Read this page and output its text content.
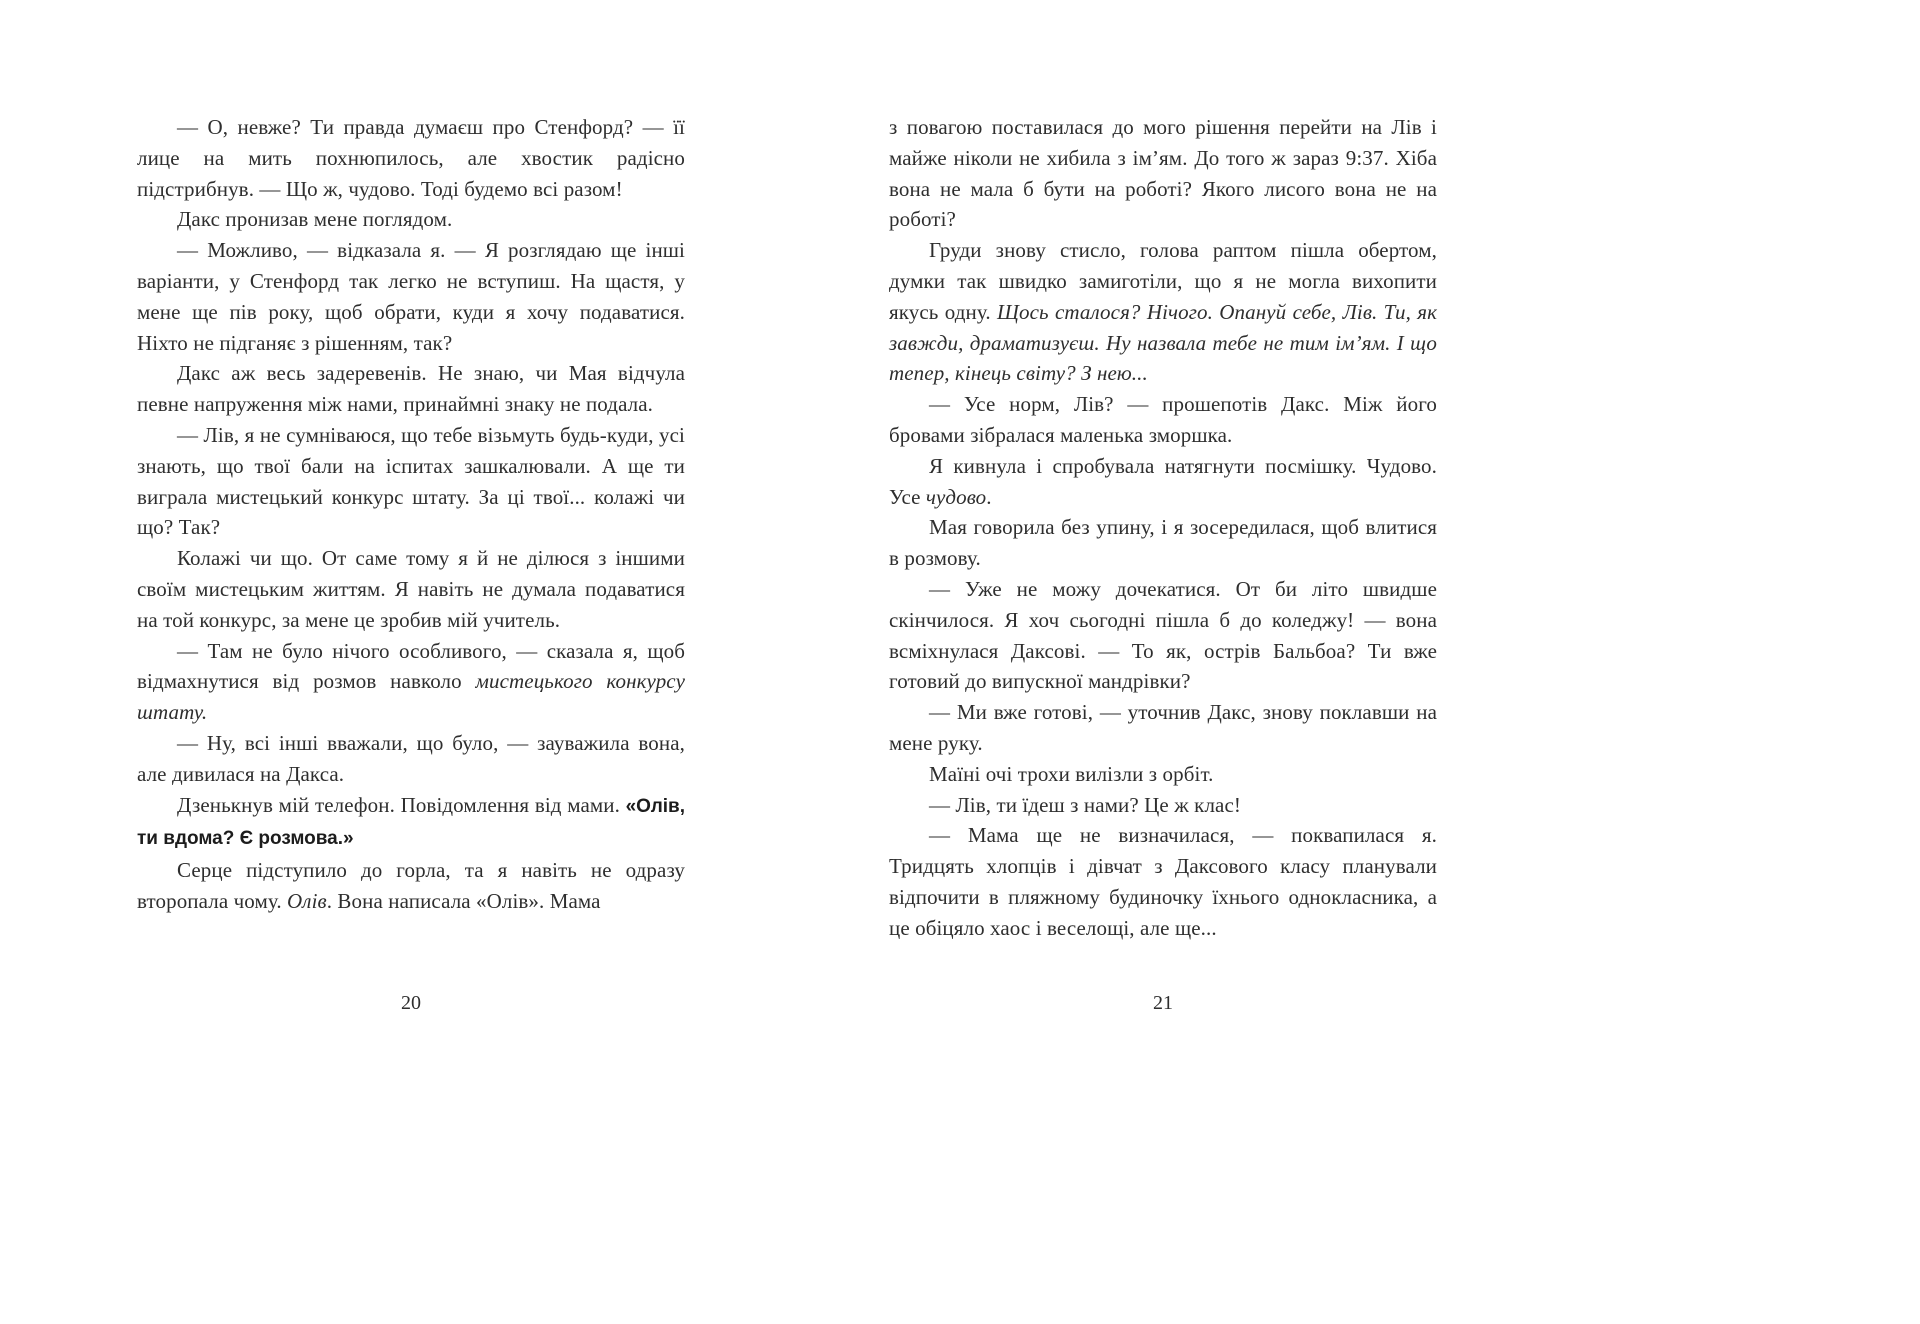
— О, невже? Ти правда думаєш про Стенфорд? — її лице на мить похнюпилось, але хвостик радісно підстрибнув. — Що ж, чудово. Тоді будемо всі разом!

Дакс пронизав мене поглядом.

— Можливо, — відказала я. — Я розглядаю ще інші варіанти, у Стенфорд так легко не вступиш. На щастя, у мене ще пів року, щоб обрати, куди я хочу подаватися. Ніхто не підганяє з рішенням, так?

Дакс аж весь задеревенів. Не знаю, чи Мая відчула певне напруження між нами, принаймні знаку не подала.

— Лів, я не сумніваюся, що тебе візьмуть будь-куди, усі знають, що твої бали на іспитах зашкалювали. А ще ти виграла мистецький конкурс штату. За ці твої... колажі чи що? Так?

Колажі чи що. От саме тому я й не ділюся з іншими своїм мистецьким життям. Я навіть не думала подаватися на той конкурс, за мене це зробив мій учитель.

— Там не було нічого особливого, — сказала я, щоб відмахнутися від розмов навколо мистецького конкурсу штату.

— Ну, всі інші вважали, що було, — зауважила вона, але дивилася на Дакса.

Дзенькнув мій телефон. Повідомлення від мами. «Олів, ти вдома? Є розмова.»

Серце підступило до горла, та я навіть не одразу второпала чому. Олів. Вона написала «Олів». Мама

20

з повагою поставилася до мого рішення перейти на Лів і майже ніколи не хибила з ім’ям. До того ж зараз 9:37. Хіба вона не мала б бути на роботі? Якого лисого вона не на роботі?

Груди знову стисло, голова раптом пішла обертом, думки так швидко замиготіли, що я не могла вихопити якусь одну. Щось сталося? Нічого. Опануй себе, Лів. Ти, як завжди, драматизуєш. Ну назвала тебе не тим ім’ям. І що тепер, кінець світу? З нею...

— Усе норм, Лів? — прошепотів Дакс. Між його бровами зібралася маленька зморшка.

Я кивнула і спробувала натягнути посмішку. Чудово. Усе чудово.

Мая говорила без упину, і я зосередилася, щоб влитися в розмову.

— Уже не можу дочекатися. От би літо швидше скінчилося. Я хоч сьогодні пішла б до коледжу! — вона всміхнулася Даксові. — То як, острів Бальбоа? Ти вже готовий до випускної мандрівки?

— Ми вже готові, — уточнив Дакс, знову поклавши на мене руку.

Маїні очі трохи вилізли з орбіт.

— Лів, ти їдеш з нами? Це ж клас!

— Мама ще не визначилася, — поквапилася я. Тридцять хлопців і дівчат з Даксового класу планували відпочити в пляжному будиночку їхнього однокласника, а це обіцяло хаос і веселощі, але ще...

21
